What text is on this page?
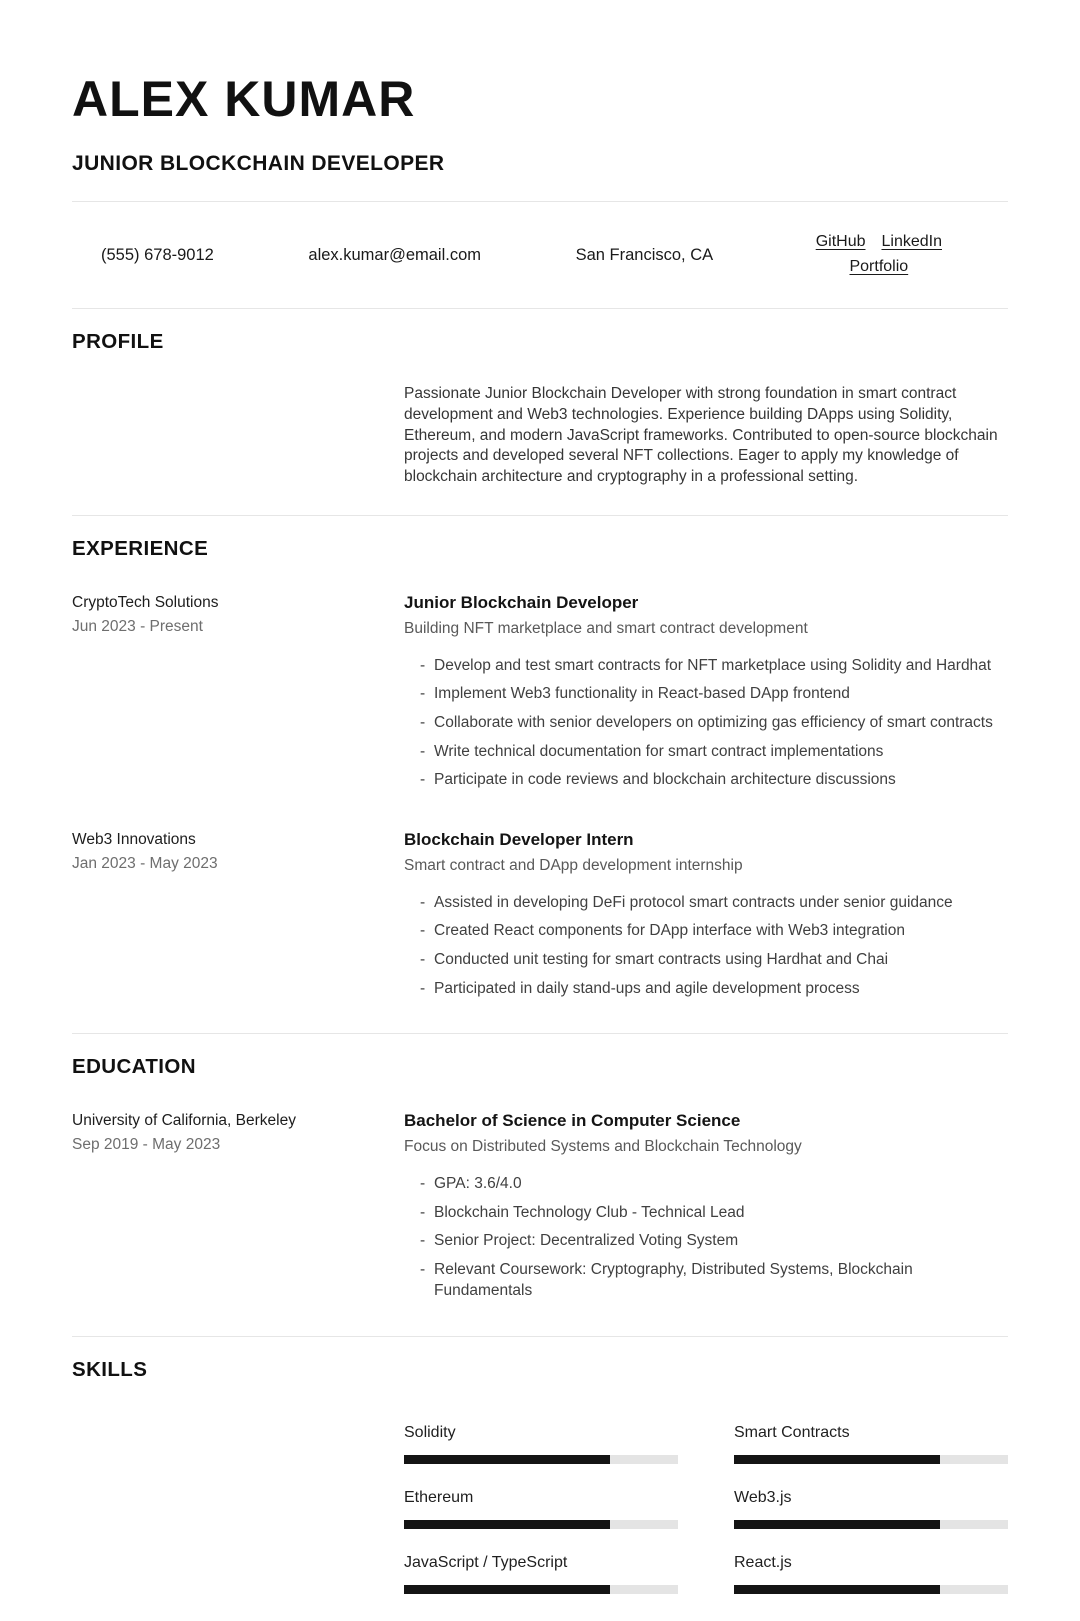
ALEX KUMAR
JUNIOR BLOCKCHAIN DEVELOPER
(555) 678-9012	alex.kumar@email.com	San Francisco, CA
GitHub LinkedIn
Portfolio
PROFILE
Passionate Junior Blockchain Developer with strong foundation in smart contract development and Web3 technologies. Experience building DApps using Solidity, Ethereum, and modern JavaScript frameworks. Contributed to open-source blockchain projects and developed several NFT collections. Eager to apply my knowledge of blockchain architecture and cryptography in a professional setting.
EXPERIENCE
CryptoTech Solutions
Jun 2023 - Present
Junior Blockchain Developer
Building NFT marketplace and smart contract development
- Develop and test smart contracts for NFT marketplace using Solidity and Hardhat
- Implement Web3 functionality in React-based DApp frontend
- Collaborate with senior developers on optimizing gas efficiency of smart contracts
- Write technical documentation for smart contract implementations
- Participate in code reviews and blockchain architecture discussions
Web3 Innovations
Jan 2023 - May 2023
Blockchain Developer Intern
Smart contract and DApp development internship
- Assisted in developing DeFi protocol smart contracts under senior guidance
- Created React components for DApp interface with Web3 integration
- Conducted unit testing for smart contracts using Hardhat and Chai
- Participated in daily stand-ups and agile development process
EDUCATION
University of California, Berkeley
Sep 2019 - May 2023
Bachelor of Science in Computer Science
Focus on Distributed Systems and Blockchain Technology
- GPA: 3.6/4.0
- Blockchain Technology Club - Technical Lead
- Senior Project: Decentralized Voting System
- Relevant Coursework: Cryptography, Distributed Systems, Blockchain Fundamentals
SKILLS
Solidity	Smart Contracts
Ethereum	Web3.js
JavaScript / TypeScript	React.js
